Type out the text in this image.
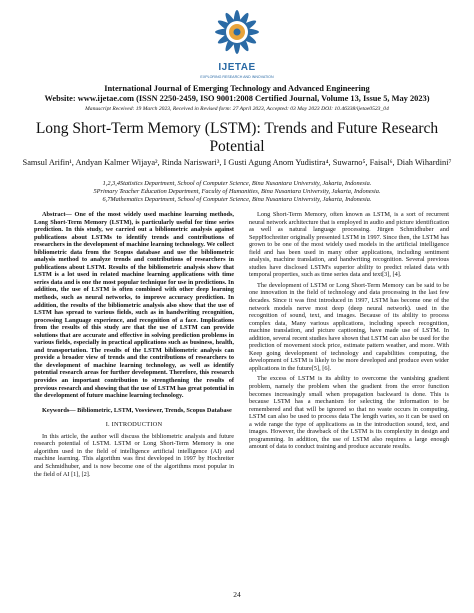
IJETAE
EXPLORING RESEARCH AND INNOVATION
International Journal of Emerging Technology and Advanced Engineering
Website: www.ijetae.com (ISSN 2250-2459, ISO 9001:2008 Certified Journal, Volume 13, Issue 5, May 2023)
Manuscript Received: 19 March 2023, Received in Revised form: 27 April 2023, Accepted: 03 May 2023 DOI: 10.46338/ijetae0523_04
Long Short-Term Memory (LSTM): Trends and Future Research Potential
Samsul Arifin¹, Andyan Kalmer Wijaya², Rinda Nariswari³, I Gusti Agung Anom Yudistira⁴, Suwarno⁵, Faisal⁶, Diah Wihardini⁷
1,2,3,4Statistics Department, School of Computer Science, Bina Nusantara University, Jakarta, Indonesia.
5Primary Teacher Education Department, Faculty of Humanities, Bina Nusantara University, Jakarta, Indonesia.
6,7Mathematics Department, School of Computer Science, Bina Nusantara University, Jakarta, Indonesia.

Abstract— One of the most widely used machine learning methods, Long Short-Term Memory (LSTM), is particularly useful for time series prediction. In this study, we carried out a bibliometric analysis against publications about LSTMs to identify trends and contributions of researchers in the development of machine learning technology. We collect bibliometric data from the Scopus database and use the bibliometric analysis method to analyze trends and contributions of researchers in publications about LSTM. Results of the bibliometric analysis show that LSTM is a lot used in related machine learning applications with time series data and is one the most popular technique for use in predictions. In addition, the use of LSTM is often combined with other deep learning methods, such as neural networks, to improve accuracy prediction. In addition, the results of the bibliometric analysis also show that the use of LSTM has spread to various fields, such as in handwriting recognition, processing Language experience, and recognition of a face. Implications from the results of this study are that the use of LSTM can provide solutions that are accurate and effective in solving prediction problems in various fields, especially in practical applications such as business, health, and transportation. The results of the LSTM bibliometric analysis can provide a broader view of trends and the contributions of researchers to the development of machine learning technology, as well as identify potential research areas for further development. Therefore, this research provides an important contribution to strengthening the results of previous research and showing that the use of LSTM has great potential in the development of future machine learning technology.

Keywords— Bibliometric, LSTM, Vosviewer, Trends, Scopus Database

I. INTRODUCTION

In this article, the author will discuss the bibliometric analysis and future research potential of LSTM. LSTM or Long Short-Term Memory is one algorithm used in the field of intelligence artificial intelligence (AI) and machine learning. This algorithm was first developed in 1997 by Hochreiter and Schmidhuber, and is now become one of the algorithms most popular in the field of AI [1], [2].

Long Short-Term Memory, often known as LSTM, is a sort of recurrent neural network architecture that is employed in audio and picture identification as well as natural language processing. Jürgen Schmidhuber and SeppHochreiter originally presented LSTM in 1997. Since then, the LSTM has grown to be one of the most widely used models in the artificial intelligence field and has been used in many other applications, including sentiment analysis, machine translation, and handwriting recognition. Several previous studies have disclosed LSTM's superior ability to predict related data with temporal properties, such as time series data and text[3], [4].

The development of LSTM or Long Short-Term Memory can be said to be one innovation in the field of technology and data processing in the last few decades. Since it was first introduced in 1997, LSTM has become one of the network models nerve most deep (deep neural network). used in the recognition of sound, text, and images. Because of its ability to process complex data, Many various applications, including speech recognition, machine translation, and picture captioning, have made use of LSTM. In addition, several recent studies have shown that LSTM can also be used for the prediction of movement stock price, estimate pattern weather, and more. With Keep going development of technology and capabilities computing, the development of LSTM is likely to be more developed and produce even wider applications in the future[5], [6].

The excess of LSTM is its ability to overcome the vanishing gradient problem, namely the problem when the gradient from the error function becomes increasingly small when propagation backward is done. This is because LSTM has a mechanism for selecting the information to be remembered and that will be ignored so that no waste occurs in computing. LSTM can also be used to process data The length varies, so it can be used on a wide range the type of applications as in the introduction sound, text, and images. However, the drawback of the LSTM is its complexity in design and programming. In addition, the use of LSTM also requires a large enough amount of data to conduct training and produce accurate results.

24
